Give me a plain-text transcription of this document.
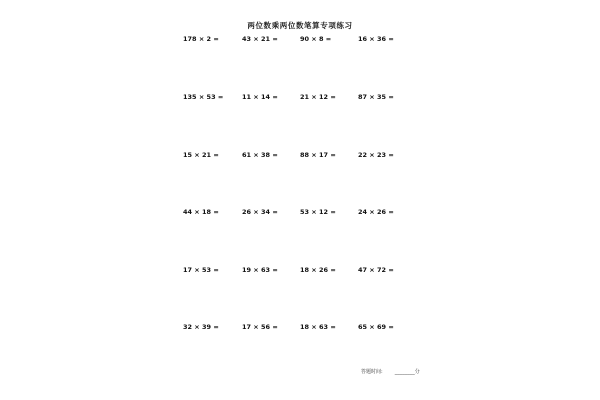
两位数乘两位数笔算专项练习
178 × 2 =	43 × 21 =	90 × 8 =	16 × 36 =
135 × 53 =	11 × 14 =	21 × 12 =	87 × 35 =
15 × 21 =	61 × 38 =	88 × 17 =	22 × 23 =
44 × 18 =	26 × 34 =	53 × 12 =	24 × 26 =
17 × 53 =	19 × 63 =	18 × 26 =	47 × 72 =
32 × 39 =	17 × 56 =	18 × 63 =	65 × 69 =
答题时间: ________分
